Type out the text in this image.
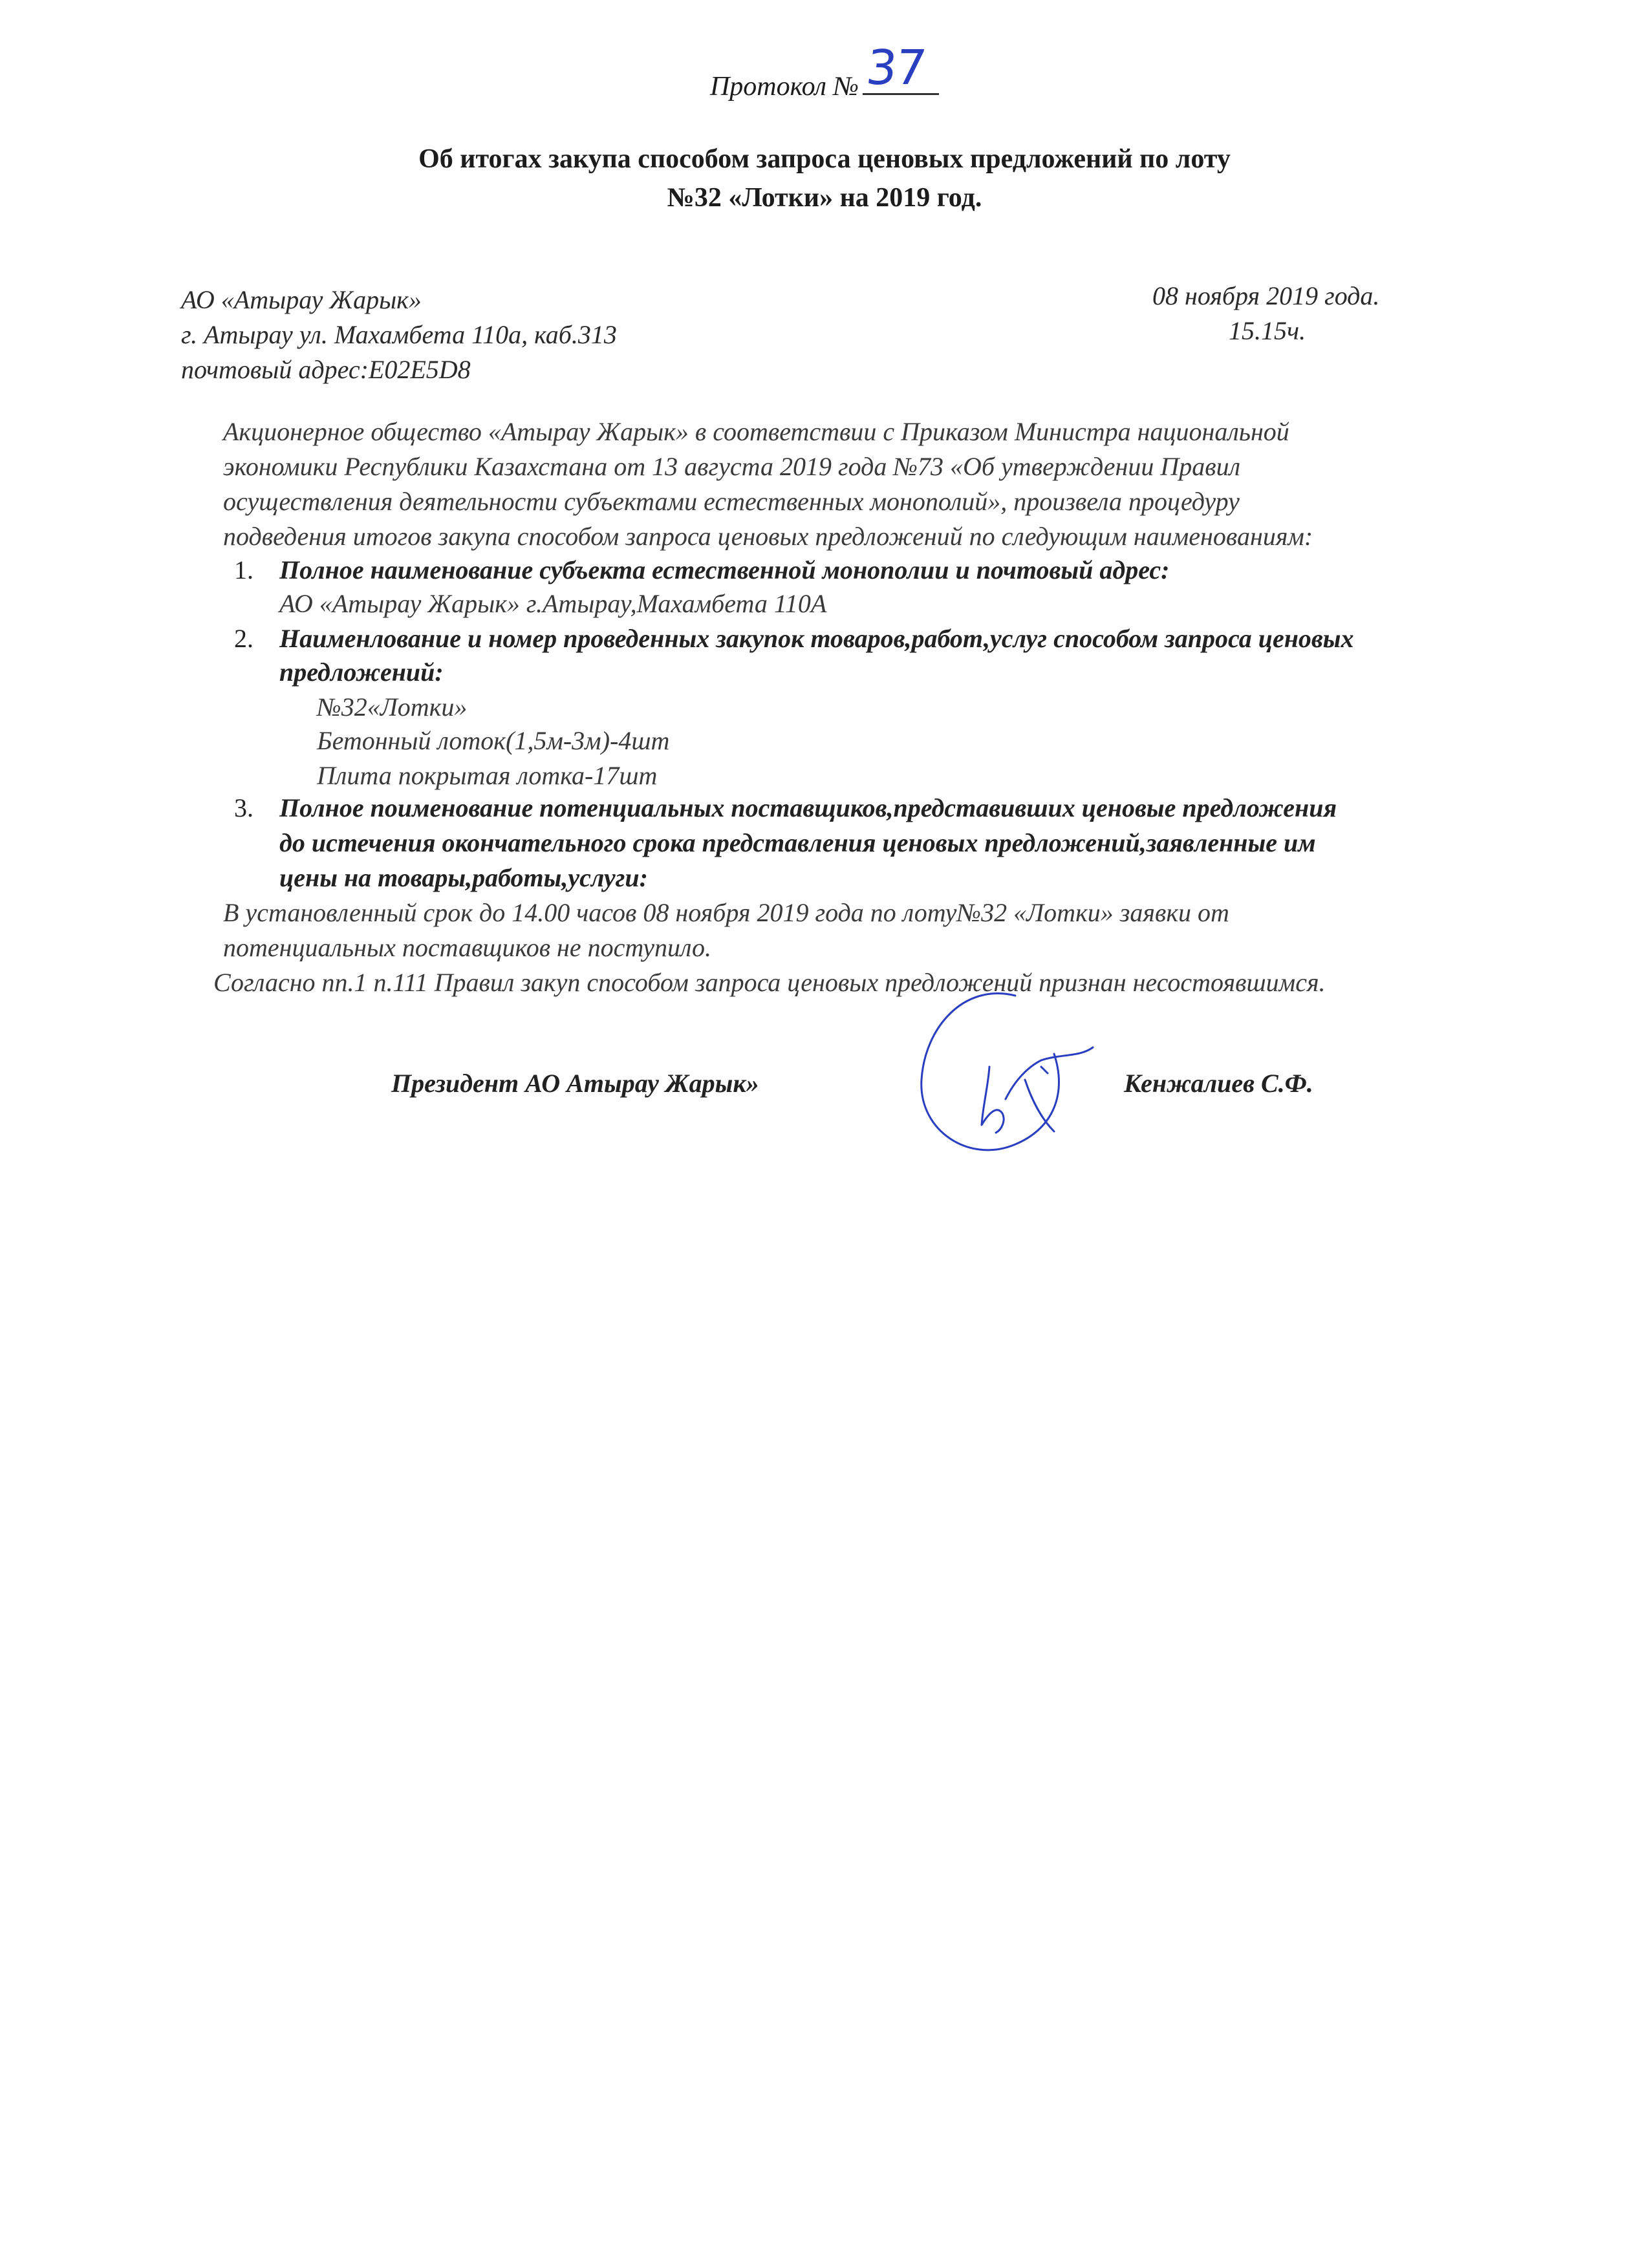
Протокол № 37
Об итогах закупа способом запроса ценовых предложений по лоту
№32 «Лотки» на 2019 год.
АО «Атырау Жарык»
г. Атырау ул. Махамбета 110а, каб.313
почтовый адрес:Е02Е5D8
08 ноября 2019 года.
15.15ч.
Акционерное общество «Атырау Жарык» в соответствии с Приказом Министра национальной
экономики Республики Казахстана от 13 августа 2019 года №73 «Об утверждении Правил
осуществления деятельности субъектами естественных монополий», произвела процедуру
подведения итогов закупа способом запроса ценовых предложений по следующим наименованиям:
1. Полное наименование субъекта естественной монополии и почтовый адрес:
АО «Атырау Жарык» г.Атырау,Махамбета 110А
2. Наименлование и номер проведенных закупок товаров,работ,услуг способом запроса ценовых
предложений:
№32«Лотки»
Бетонный лоток(1,5м-3м)-4шт
Плита покрытая лотка-17шт
3. Полное поименование потенциальных поставщиков,представивших ценовые предложения
до истечения окончательного срока представления ценовых предложений,заявленные им
цены на товары,работы,услуги:
В установленный срок до 14.00 часов 08 ноября 2019 года по лоту№32 «Лотки» заявки от
потенциальных поставщиков не поступило.
Согласно пп.1 п.111 Правил закуп способом запроса ценовых предложений признан несостоявшимся.
Президент АО Атырау Жарык»	Кенжалиев С.Ф.
